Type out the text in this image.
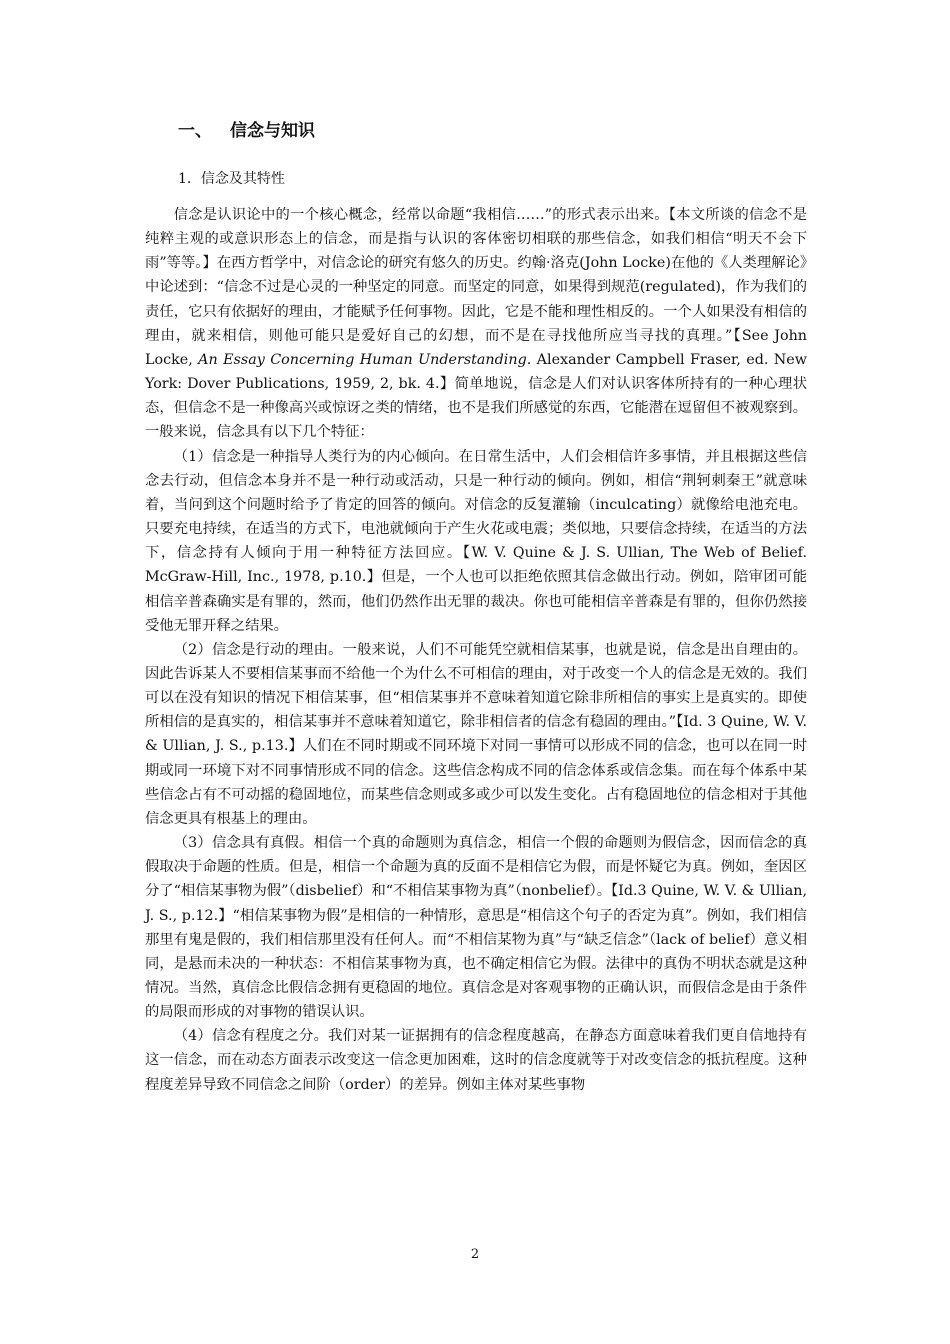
一、 信念与知识
1．信念及其特性

信念是认识论中的一个核心概念，经常以命题“我相信……”的形式表示出来。【本文所谈的信念不是纯粹主观的或意识形态上的信念，而是指与认识的客体密切相联的那些信念，如我们相信“明天不会下雨”等等。】在西方哲学中，对信念论的研究有悠久的历史。约翰·洛克(John Locke)在他的《人类理解论》中论述到：“信念不过是心灵的一种坚定的同意。而坚定的同意，如果得到规范(regulated)，作为我们的责任，它只有依据好的理由，才能赋予任何事物。因此，它是不能和理性相反的。一个人如果没有相信的理由，就来相信，则他可能只是爱好自己的幻想，而不是在寻找他所应当寻找的真理。”【See John Locke, An Essay Concerning Human Understanding. Alexander Campbell Fraser, ed. New York: Dover Publications, 1959, 2, bk. 4.】简单地说，信念是人们对认识客体所持有的一种心理状态，但信念不是一种像高兴或惊讶之类的情绪，也不是我们所感觉的东西，它能潜在逗留但不被观察到。一般来说，信念具有以下几个特征：

（1）信念是一种指导人类行为的内心倾向。在日常生活中，人们会相信许多事情，并且根据这些信念去行动，但信念本身并不是一种行动或活动，只是一种行动的倾向。例如，相信“荆轲刺秦王”就意味着，当问到这个问题时给予了肯定的回答的倾向。对信念的反复灌输（inculcating）就像给电池充电。只要充电持续，在适当的方式下，电池就倾向于产生火花或电震；类似地，只要信念持续，在适当的方法下，信念持有人倾向于用一种特征方法回应。【W. V. Quine & J. S. Ullian, The Web of Belief. McGraw-Hill, Inc., 1978, p.10.】但是，一个人也可以拒绝依照其信念做出行动。例如，陪审团可能相信辛普森确实是有罪的，然而，他们仍然作出无罪的裁决。你也可能相信辛普森是有罪的，但你仍然接受他无罪开释之结果。

（2）信念是行动的理由。一般来说，人们不可能凭空就相信某事，也就是说，信念是出自理由的。因此告诉某人不要相信某事而不给他一个为什么不可相信的理由，对于改变一个人的信念是无效的。我们可以在没有知识的情况下相信某事，但“相信某事并不意味着知道它除非所相信的事实上是真实的。即使所相信的是真实的，相信某事并不意味着知道它，除非相信者的信念有稳固的理由。”【Id. 3 Quine, W. V. & Ullian, J. S., p.13.】人们在不同时期或不同环境下对同一事情可以形成不同的信念，也可以在同一时期或同一环境下对不同事情形成不同的信念。这些信念构成不同的信念体系或信念集。而在每个体系中某些信念占有不可动摇的稳固地位，而某些信念则或多或少可以发生变化。占有稳固地位的信念相对于其他信念更具有根基上的理由。

（3）信念具有真假。相信一个真的命题则为真信念，相信一个假的命题则为假信念，因而信念的真假取决于命题的性质。但是，相信一个命题为真的反面不是相信它为假，而是怀疑它为真。例如，奎因区分了“相信某事物为假”（disbelief）和“不相信某事物为真”（nonbelief）。【Id.3 Quine, W. V. & Ullian, J. S., p.12.】“相信某事物为假”是相信的一种情形，意思是“相信这个句子的否定为真”。例如，我们相信那里有鬼是假的，我们相信那里没有任何人。而“不相信某物为真”与“缺乏信念”（lack of belief）意义相同，是悬而未决的一种状态：不相信某事物为真，也不确定相信它为假。法律中的真伪不明状态就是这种情况。当然，真信念比假信念拥有更稳固的地位。真信念是对客观事物的正确认识，而假信念是由于条件的局限而形成的对事物的错误认识。

（4）信念有程度之分。我们对某一证据拥有的信念程度越高，在静态方面意味着我们更自信地持有这一信念，而在动态方面表示改变这一信念更加困难，这时的信念度就等于对改变信念的抵抗程度。这种程度差异导致不同信念之间阶（order）的差异。例如主体对某些事物

2
